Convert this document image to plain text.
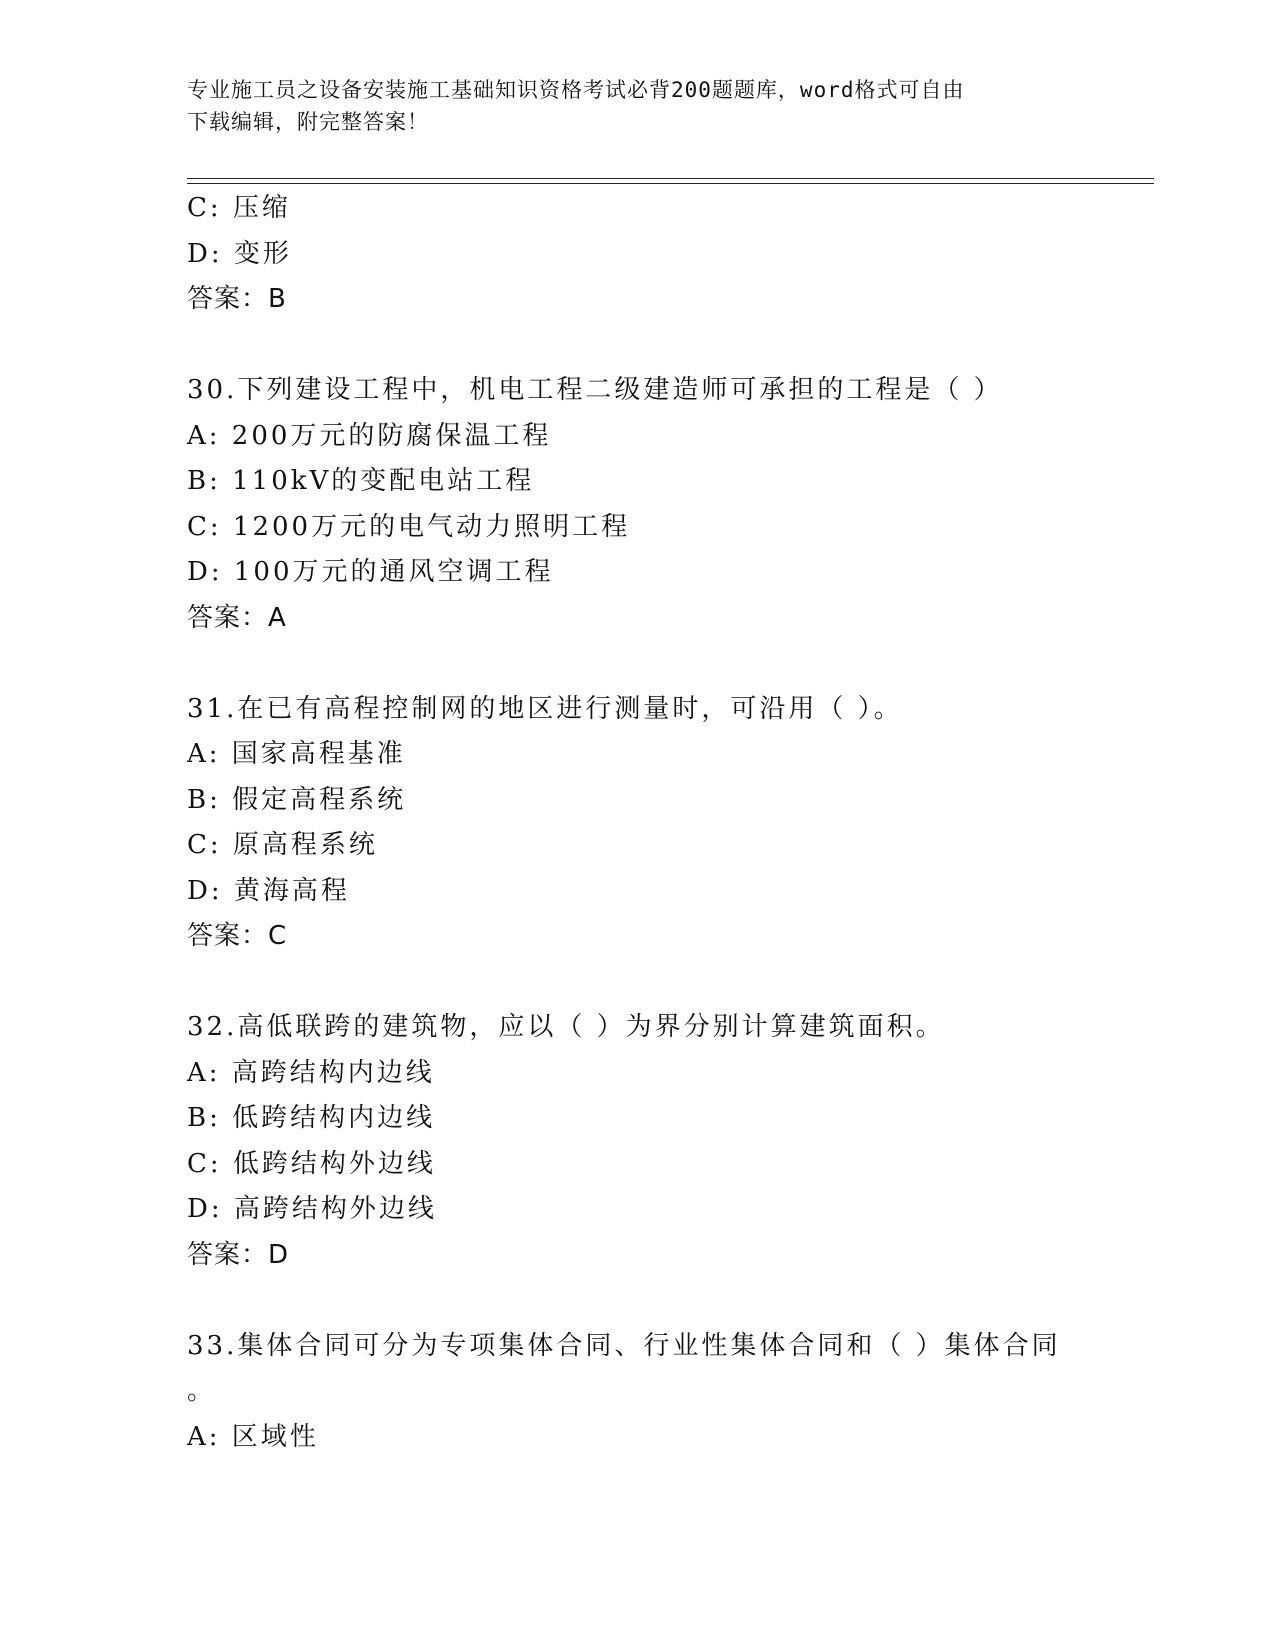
专业施工员之设备安装施工基础知识资格考试必背200题题库，word格式可自由
下载编辑，附完整答案！
C: 压缩
D: 变形
答案：B
30.下列建设工程中，机电工程二级建造师可承担的工程是（ ）
A: 200万元的防腐保温工程
B: 110kV的变配电站工程
C: 1200万元的电气动力照明工程
D: 100万元的通风空调工程
答案：A
31.在已有高程控制网的地区进行测量时，可沿用（ ）。
A: 国家高程基准
B: 假定高程系统
C: 原高程系统
D: 黄海高程
答案：C
32.高低联跨的建筑物，应以（ ）为界分别计算建筑面积。
A: 高跨结构内边线
B: 低跨结构内边线
C: 低跨结构外边线
D: 高跨结构外边线
答案：D
33.集体合同可分为专项集体合同、行业性集体合同和（ ）集体合同
。
A: 区域性
